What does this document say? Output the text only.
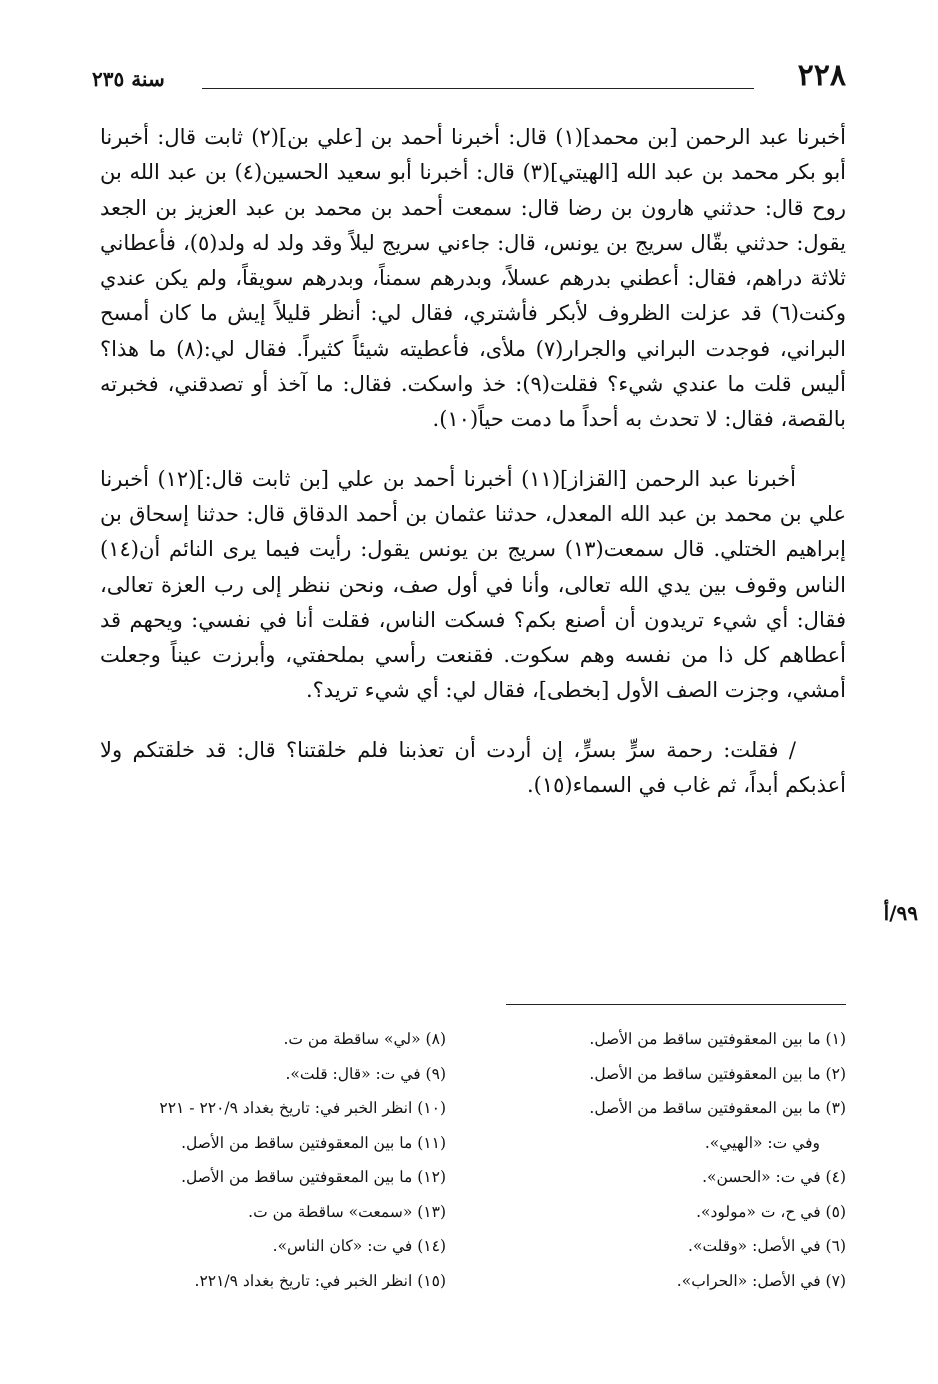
٢٢٨
سنة ٢٣٥

أخبرنا عبد الرحمن [بن محمد](١) قال: أخبرنا أحمد بن [علي بن](٢) ثابت قال: أخبرنا أبو بكر محمد بن عبد الله [الهيتي](٣) قال: أخبرنا أبو سعيد الحسين(٤) بن عبد الله بن روح قال: حدثني هارون بن رضا قال: سمعت أحمد بن محمد بن عبد العزيز بن الجعد يقول: حدثني بقّال سريج بن يونس، قال: جاءني سريج ليلاً وقد ولد له ولد(٥)، فأعطاني ثلاثة دراهم، فقال: أعطني بدرهم عسلاً، وبدرهم سمناً، وبدرهم سويقاً، ولم يكن عندي وكنت(٦) قد عزلت الظروف لأبكر فأشتري، فقال لي: أنظر قليلاً إيش ما كان أمسح البراني، فوجدت البراني والجرار(٧) ملأى، فأعطيته شيئاً كثيراً. فقال لي:(٨) ما هذا؟ أليس قلت ما عندي شيء؟ فقلت(٩): خذ واسكت. فقال: ما آخذ أو تصدقني، فخبرته بالقصة، فقال: لا تحدث به أحداً ما دمت حياً(١٠).

أخبرنا عبد الرحمن [القزاز](١١) أخبرنا أحمد بن علي [بن ثابت قال:](١٢) أخبرنا علي بن محمد بن عبد الله المعدل، حدثنا عثمان بن أحمد الدقاق قال: حدثنا إسحاق بن إبراهيم الختلي. قال سمعت(١٣) سريج بن يونس يقول: رأيت فيما يرى النائم أن(١٤) الناس وقوف بين يدي الله تعالى، وأنا في أول صف، ونحن ننظر إلى رب العزة تعالى، فقال: أي شيء تريدون أن أصنع بكم؟ فسكت الناس، فقلت أنا في نفسي: ويحهم قد أعطاهم كل ذا من نفسه وهم سكوت. فقنعت رأسي بملحفتي، وأبرزت عيناً وجعلت أمشي، وجزت الصف الأول [بخطى]، فقال لي: أي شيء تريد؟.

/ فقلت: رحمة سرٍّ بسرٍّ، إن أردت أن تعذبنا فلم خلقتنا؟ قال: قد خلقتكم ولا أعذبكم أبداً، ثم غاب في السماء(١٥).

٩٩/أ
(١) ما بين المعقوفتين ساقط من الأصل.
(٢) ما بين المعقوفتين ساقط من الأصل.
(٣) ما بين المعقوفتين ساقط من الأصل.
وفي ت: «الهيي».
(٤) في ت: «الحسن».
(٥) في ح، ت «مولود».
(٦) في الأصل: «وقلت».
(٧) في الأصل: «الحراب».
(٨) «لي» ساقطة من ت.
(٩) في ت: «قال: قلت».
(١٠) انظر الخبر في: تاريخ بغداد ٢٢٠/٩ - ٢٢١
(١١) ما بين المعقوفتين ساقط من الأصل.
(١٢) ما بين المعقوفتين ساقط من الأصل.
(١٣) «سمعت» ساقطة من ت.
(١٤) في ت: «كان الناس».
(١٥) انظر الخبر في: تاريخ بغداد ٢٢١/٩.
